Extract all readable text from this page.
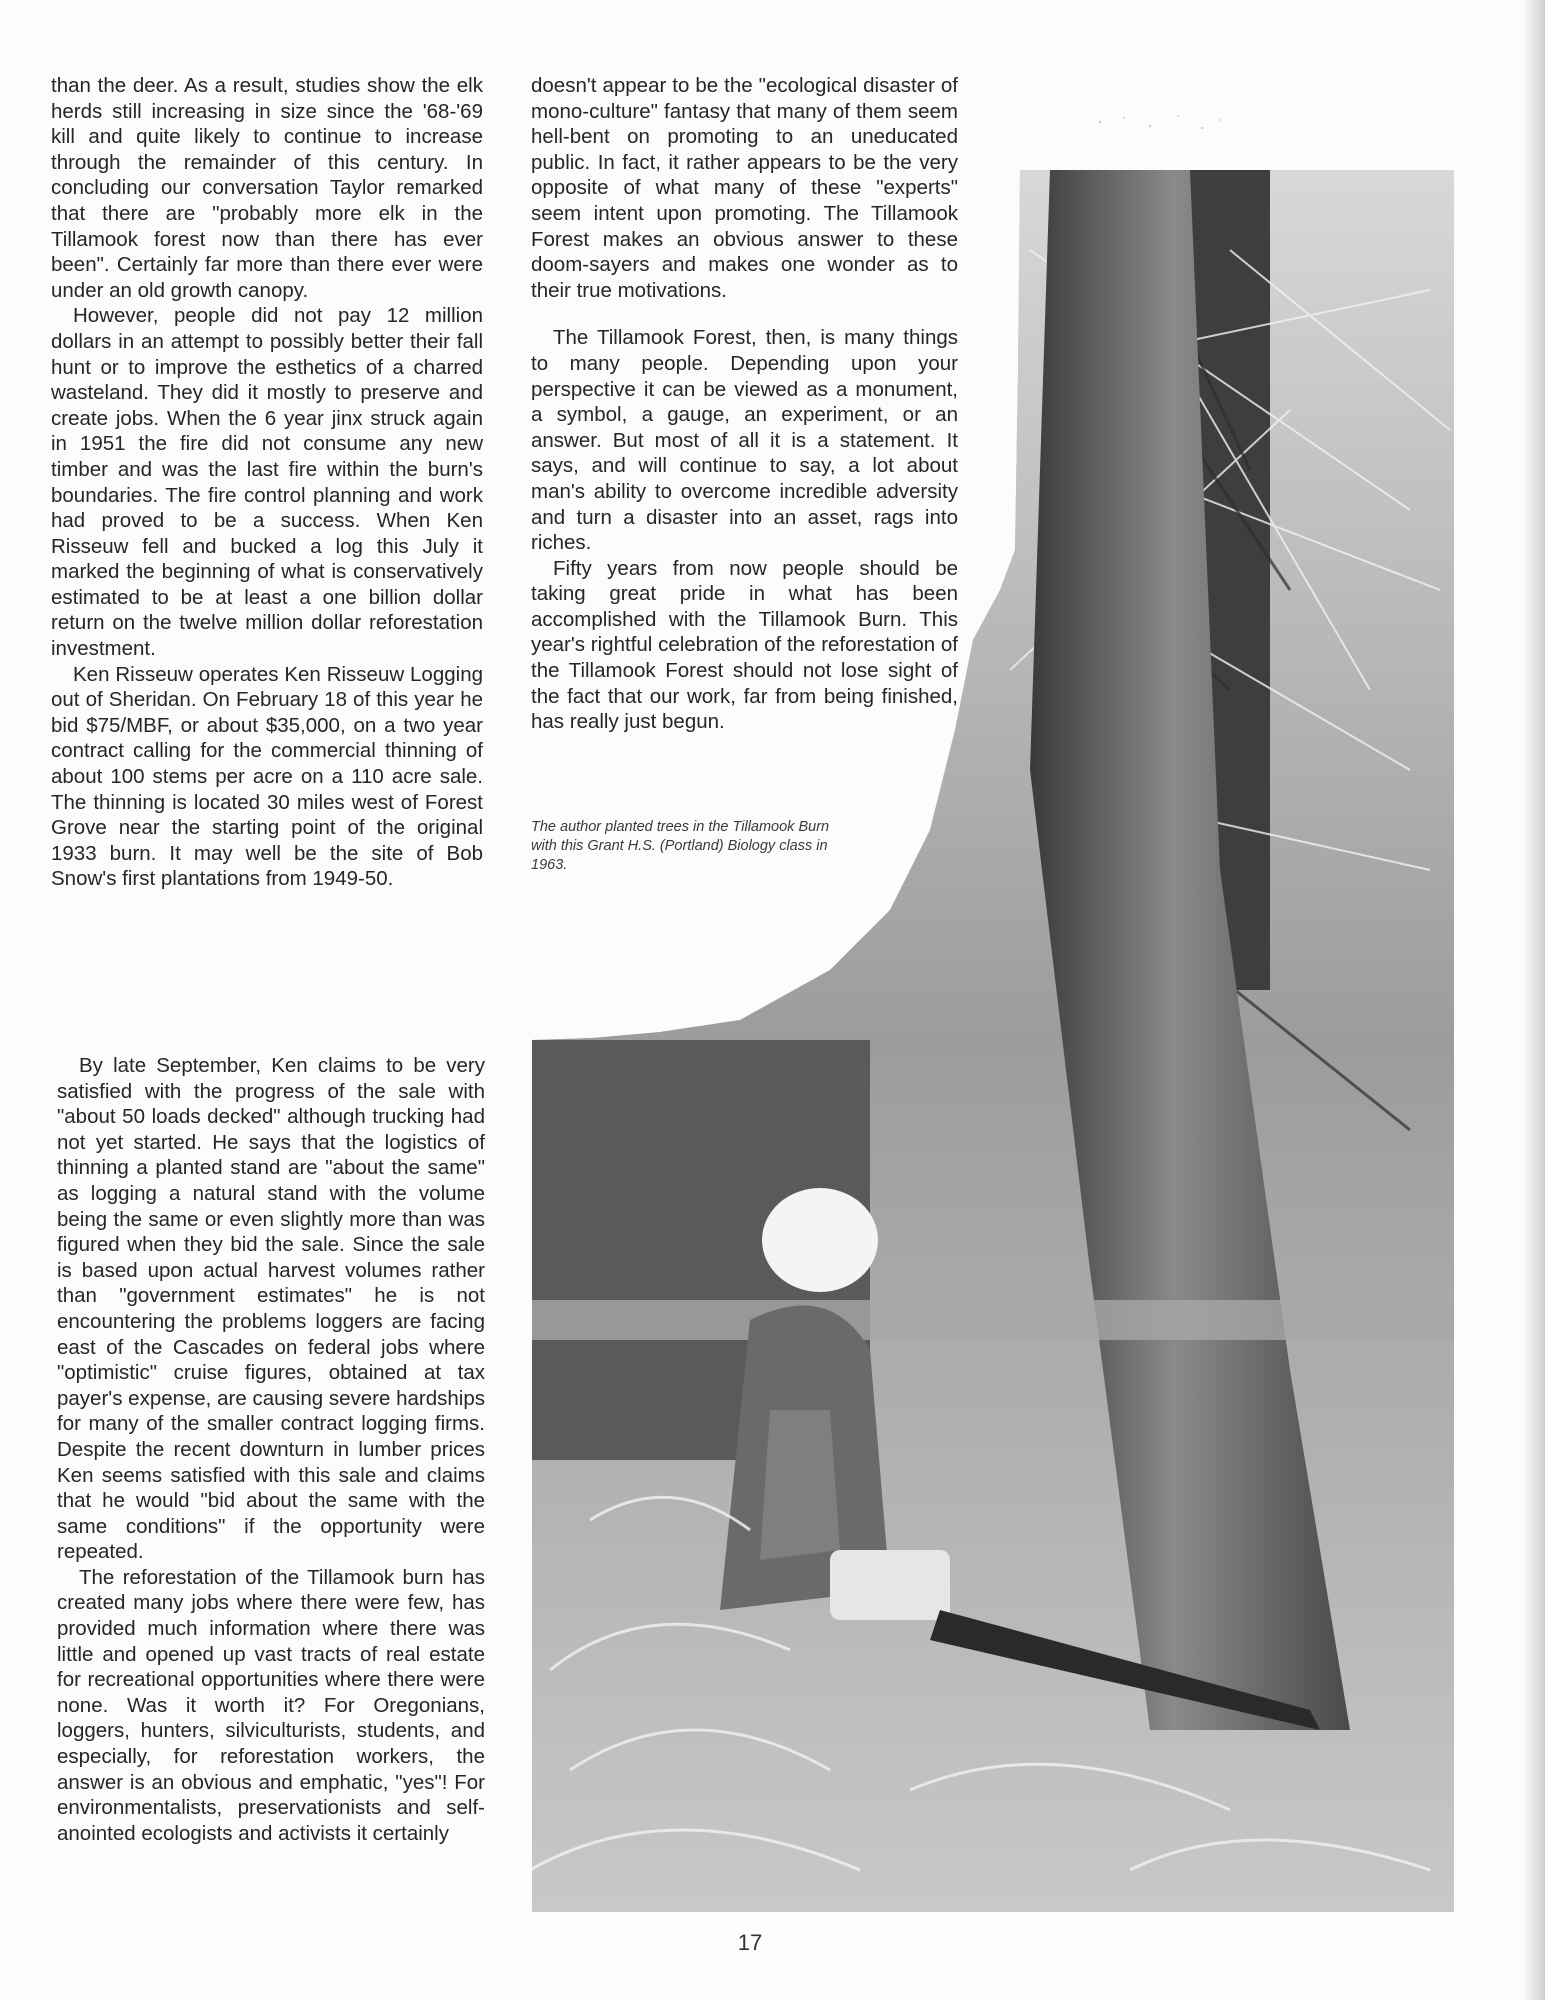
than the deer. As a result, studies show the elk herds still increasing in size since the '68-'69 kill and quite likely to continue to increase through the remainder of this century. In concluding our conversation Taylor remarked that there are "probably more elk in the Tillamook forest now than there has ever been". Certainly far more than there ever were under an old growth canopy.

However, people did not pay 12 million dollars in an attempt to possibly better their fall hunt or to improve the esthetics of a charred wasteland. They did it mostly to preserve and create jobs. When the 6 year jinx struck again in 1951 the fire did not consume any new timber and was the last fire within the burn's boundaries. The fire control planning and work had proved to be a success. When Ken Risseuw fell and bucked a log this July it marked the beginning of what is conservatively estimated to be at least a one billion dollar return on the twelve million dollar reforestation investment.

Ken Risseuw operates Ken Risseuw Logging out of Sheridan. On February 18 of this year he bid $75/MBF, or about $35,000, on a two year contract calling for the commercial thinning of about 100 stems per acre on a 110 acre sale. The thinning is located 30 miles west of Forest Grove near the starting point of the original 1933 burn. It may well be the site of Bob Snow's first plantations from 1949-50.

By late September, Ken claims to be very satisfied with the progress of the sale with "about 50 loads decked" although trucking had not yet started. He says that the logistics of thinning a planted stand are "about the same" as logging a natural stand with the volume being the same or even slightly more than was figured when they bid the sale. Since the sale is based upon actual harvest volumes rather than "government estimates" he is not encountering the problems loggers are facing east of the Cascades on federal jobs where "optimistic" cruise figures, obtained at tax payer's expense, are causing severe hardships for many of the smaller contract logging firms. Despite the recent downturn in lumber prices Ken seems satisfied with this sale and claims that he would "bid about the same with the same conditions" if the opportunity were repeated.

The reforestation of the Tillamook burn has created many jobs where there were few, has provided much information where there was little and opened up vast tracts of real estate for recreational opportunities where there were none. Was it worth it? For Oregonians, loggers, hunters, silviculturists, students, and especially, for reforestation workers, the answer is an obvious and emphatic, "yes"! For environmentalists, preservationists and self-anointed ecologists and activists it certainly

doesn't appear to be the "ecological disaster of mono-culture" fantasy that many of them seem hell-bent on promoting to an uneducated public. In fact, it rather appears to be the very opposite of what many of these "experts" seem intent upon promoting. The Tillamook Forest makes an obvious answer to these doom-sayers and makes one wonder as to their true motivations.

The Tillamook Forest, then, is many things to many people. Depending upon your perspective it can be viewed as a monument, a symbol, a gauge, an experiment, or an answer. But most of all it is a statement. It says, and will continue to say, a lot about man's ability to overcome incredible adversity and turn a disaster into an asset, rags into riches.

Fifty years from now people should be taking great pride in what has been accomplished with the Tillamook Burn. This year's rightful celebration of the reforestation of the Tillamook Forest should not lose sight of the fact that our work, far from being finished, has really just begun.

The author planted trees in the Tillamook Burn with this Grant H.S. (Portland) Biology class in 1963.
17
